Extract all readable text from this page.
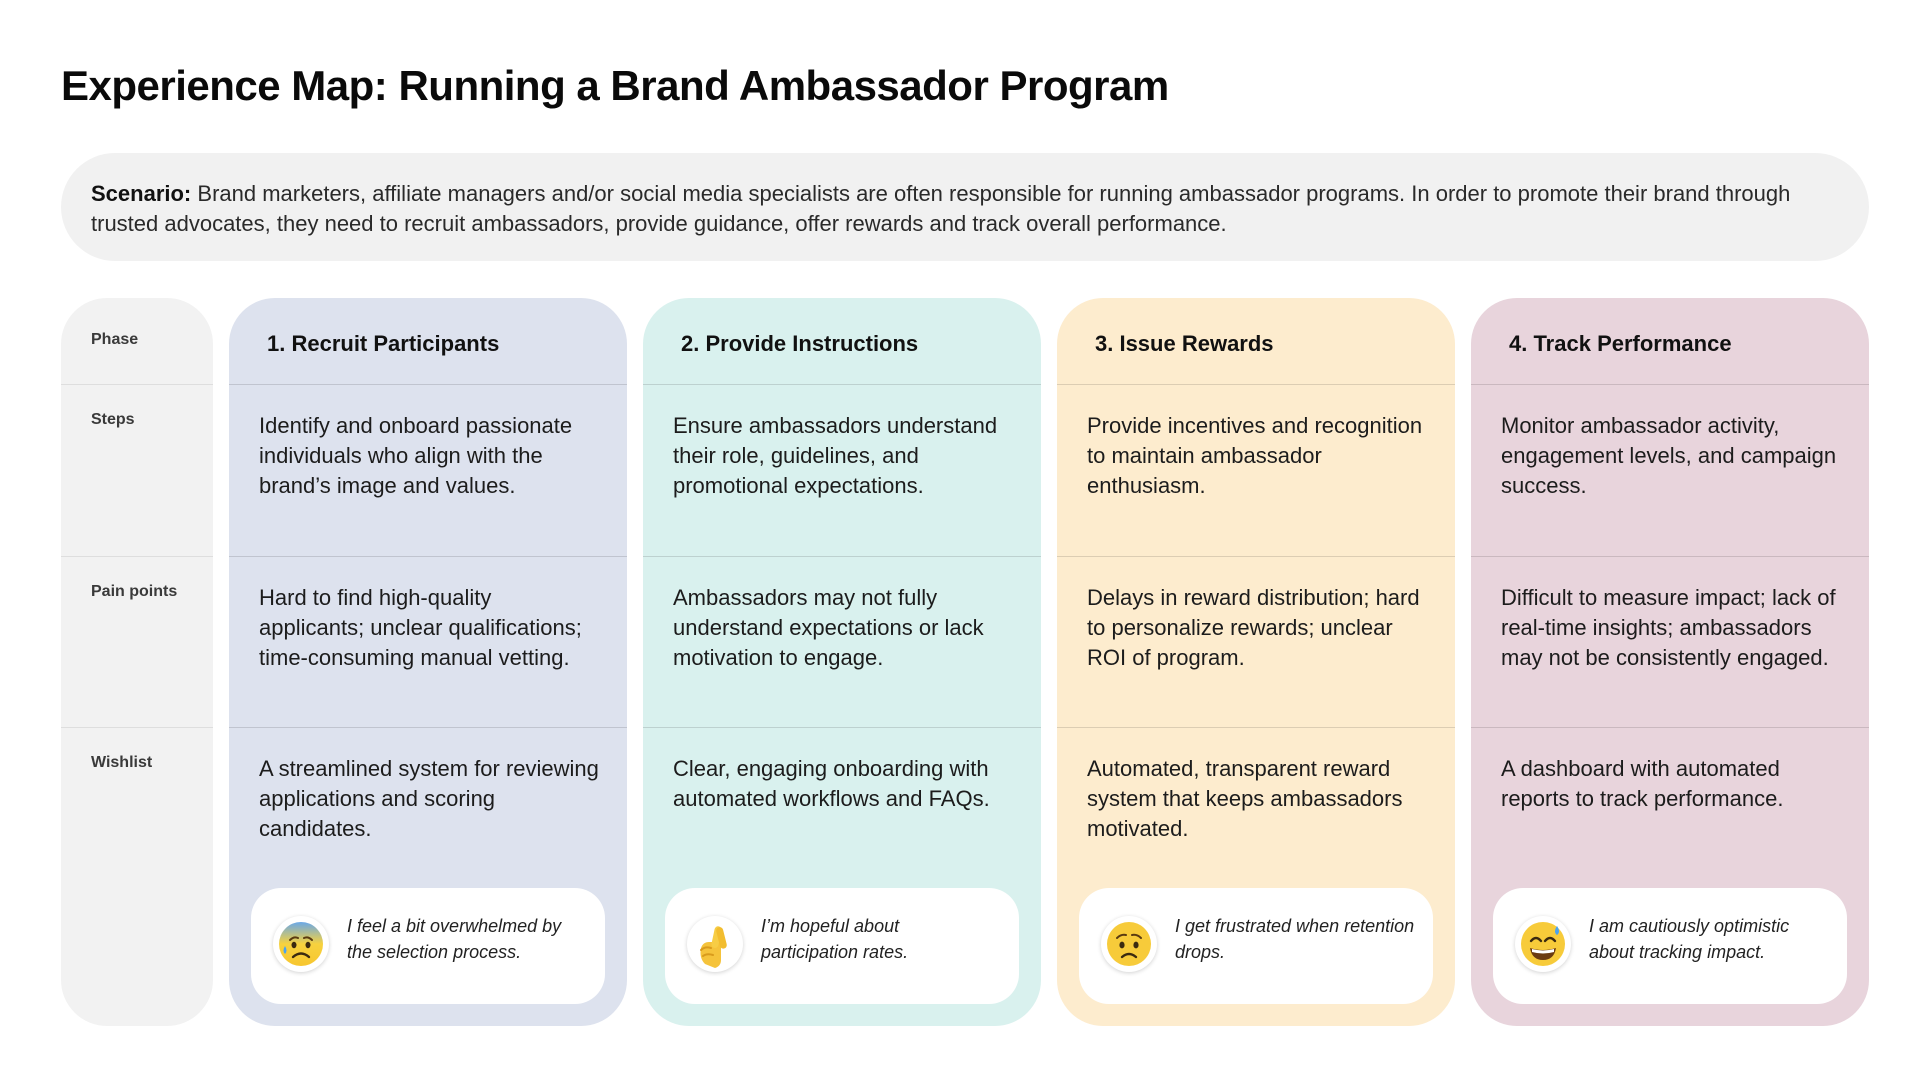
Experience Map: Running a Brand Ambassador Program
Scenario: Brand marketers, affiliate managers and/or social media specialists are often responsible for running ambassador programs. In order to promote their brand through trusted advocates, they need to recruit ambassadors, provide guidance, offer rewards and track overall performance.
Phase
Steps
Pain points
Wishlist
1. Recruit Participants
Identify and onboard passionate individuals who align with the brand’s image and values.
Hard to find high-quality applicants; unclear qualifications; time-consuming manual vetting.
A streamlined system for reviewing applications and scoring candidates.
I feel a bit overwhelmed by the selection process.
2. Provide Instructions
Ensure ambassadors understand their role, guidelines, and promotional expectations.
Ambassadors may not fully understand expectations or lack motivation to engage.
Clear, engaging onboarding with automated workflows and FAQs.
I’m hopeful about participation rates.
3. Issue Rewards
Provide incentives and recognition to maintain ambassador enthusiasm.
Delays in reward distribution; hard to personalize rewards; unclear ROI of program.
Automated, transparent reward system that keeps ambassadors motivated.
I get frustrated when retention drops.
4. Track Performance
Monitor ambassador activity, engagement levels, and campaign success.
Difficult to measure impact; lack of real-time insights; ambassadors may not be consistently engaged.
A dashboard with automated reports to track performance.
I am cautiously optimistic about tracking impact.
